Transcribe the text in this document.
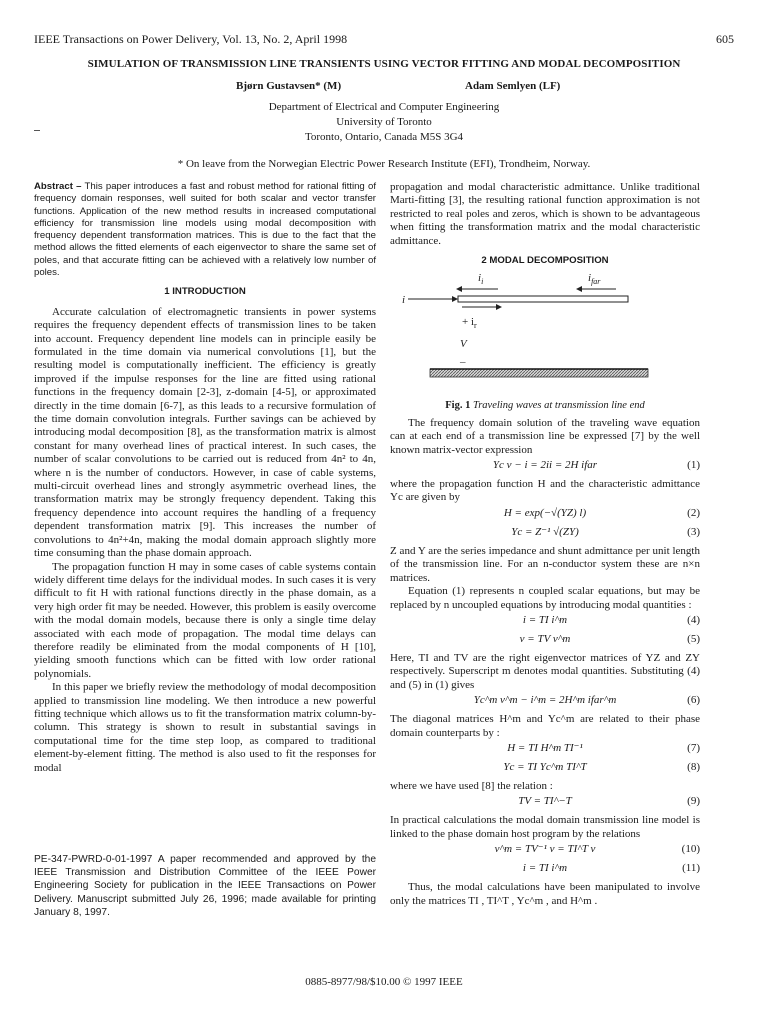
IEEE Transactions on Power Delivery, Vol. 13, No. 2, April 1998	605
SIMULATION OF TRANSMISSION LINE TRANSIENTS USING VECTOR FITTING AND MODAL DECOMPOSITION
Bjørn Gustavsen* (M)	Adam Semlyen (LF)
Department of Electrical and Computer Engineering
University of Toronto
Toronto, Ontario, Canada M5S 3G4
* On leave from the Norwegian Electric Power Research Institute (EFI), Trondheim, Norway.
Abstract – This paper introduces a fast and robust method for rational fitting of frequency domain responses, well suited for both scalar and vector transfer functions. Application of the new method results in increased computational efficiency for transmission line models using modal decomposition with frequency dependent transformation matrices. This is due to the fact that the method allows the fitted elements of each eigenvector to share the same set of poles, and that accurate fitting can be achieved with a relatively low number of poles.
1 INTRODUCTION

Accurate calculation of electromagnetic transients in power systems requires the frequency dependent effects of transmission lines to be taken into account. Frequency dependent line models can in principle easily be formulated in the time domain via numerical convolutions [1], but the resulting model is computationally inefficient. The efficiency is greatly improved if the impulse responses for the line are fitted using rational functions in the frequency domain [2-3], z-domain [4-5], or approximated directly in the time domain [6-7], as this leads to a recursive formulation of the time domain convolution integrals. Further savings can be achieved by introducing modal decomposition [8], as the transformation matrix is almost constant for many overhead lines of practical interest. In such cases, the number of scalar convolutions to be carried out is reduced from 4n² to 4n, where n is the number of conductors. However, in case of cable systems, multi-circuit overhead lines and strongly asymmetric overhead lines, the transformation matrix may be strongly frequency dependent. Taking this frequency dependence into account requires the handling of a frequency dependent transformation matrix [9]. This increases the number of convolutions to 4n²+4n, making the modal domain approach slightly more time consuming than the phase domain approach.

The propagation function H may in some cases of cable systems contain widely different time delays for the individual modes. In such cases it is very difficult to fit H with rational functions directly in the phase domain, as a very high order fit may be needed. However, this problem is easily overcome with the modal domain models, because there is only a single time delay associated with each mode of propagation. The modal time delays can therefore readily be eliminated from the modal components of H [10], yielding smooth functions which can be fitted with low order rational polynomials.

In this paper we briefly review the methodology of modal decomposition applied to transmission line modeling. We then introduce a new powerful fitting technique which allows us to fit the transformation matrix column-by-column. This strategy is shown to result in substantial savings in computational time for the time step loop, as compared to traditional element-by-element fitting. The method is also used to fit the responses for modal

PE-347-PWRD-0-01-1997 A paper recommended and approved by the IEEE Transmission and Distribution Committee of the IEEE Power Engineering Society for publication in the IEEE Transactions on Power Delivery. Manuscript submitted July 26, 1996; made available for printing January 8, 1997.

propagation and modal characteristic admittance. Unlike traditional Marti-fitting [3], the resulting rational function approximation is not restricted to real poles and zeros, which is shown to be advantageous when fitting the transformation matrix and the modal characteristic admittance.

2 MODAL DECOMPOSITION
$i_i$	$i_{far}$
i
+ $i_r$
V
–
Fig. 1 Traveling waves at transmission line end

The frequency domain solution of the traveling wave equation can at each end of a transmission line be expressed [7] by the well known matrix-vector expression

Yc v − i = 2ii = 2H ifar	(1)

where the propagation function H and the characteristic admittance Yc are given by

H = exp(−√(YZ) l)	(2)
Yc = Z⁻¹ √(ZY)	(3)

Z and Y are the series impedance and shunt admittance per unit length of the transmission line. For an n-conductor system these are n×n matrices.

Equation (1) represents n coupled scalar equations, but may be replaced by n uncoupled equations by introducing modal quantities :

i = TI i^m	(4)
v = TV v^m	(5)

Here, TI and TV are the right eigenvector matrices of YZ and ZY respectively. Superscript m denotes modal quantities. Substituting (4) and (5) in (1) gives

Yc^m v^m − i^m = 2H^m ifar^m	(6)

The diagonal matrices H^m and Yc^m are related to their phase domain counterparts by :

H = TI H^m TI⁻¹	(7)
Yc = TI Yc^m TI^T	(8)

where we have used [8] the relation :

TV = TI^−T	(9)

In practical calculations the modal domain transmission line model is linked to the phase domain host program by the relations

v^m = TV⁻¹ v = TI^T v	(10)
i = TI i^m	(11)

Thus, the modal calculations have been manipulated to involve only the matrices TI , TI^T , Yc^m , and H^m .

0885-8977/98/$10.00 © 1997 IEEE
